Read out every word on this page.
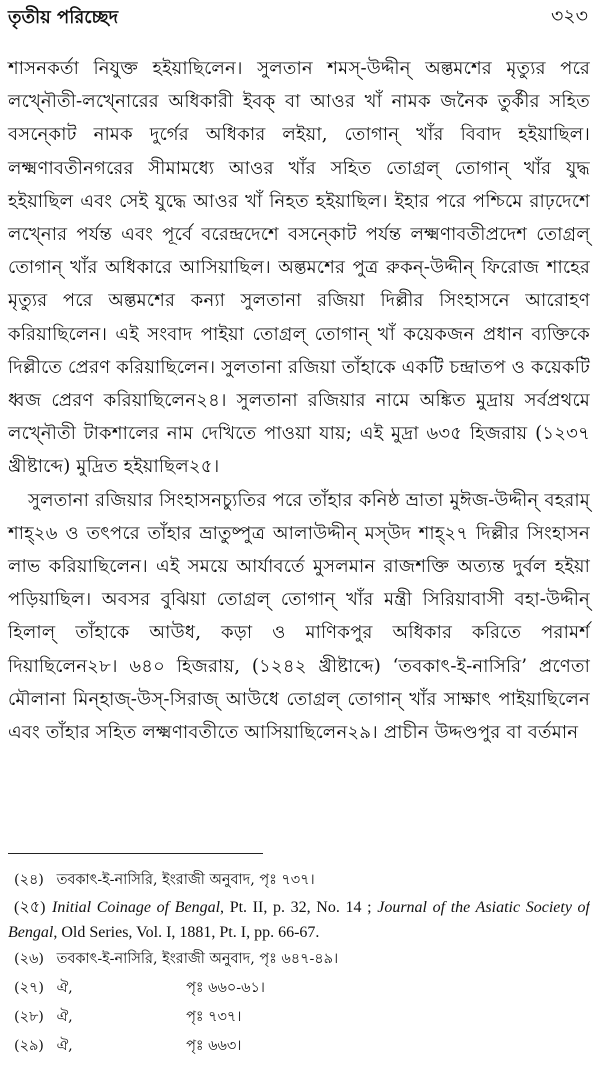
তৃতীয় পরিচ্ছেদ	৩২৩

শাসনকর্তা নিযুক্ত হইয়াছিলেন। সুলতান শমস্-উদ্দীন্ অল্তমশের মৃত্যুর পরে লখ্নৌতী-লখ্নোরের অধিকারী ইবক্ বা আওর খাঁ নামক জনৈক তুর্কীর সহিত বসন্কোট নামক দুর্গের অধিকার লইয়া, তোগান্ খাঁর বিবাদ হইয়াছিল। লক্ষ্মণাবতীনগরের সীমামধ্যে আওর খাঁর সহিত তোগ্রল্ তোগান্ খাঁর যুদ্ধ হইয়াছিল এবং সেই যুদ্ধে আওর খাঁ নিহত হইয়াছিল। ইহার পরে পশ্চিমে রাঢ়দেশে লখ্নোর পর্যন্ত এবং পূর্বে বরেন্দ্রদেশে বসন্কোট পর্যন্ত লক্ষ্মণাবতীপ্রদেশ তোগ্রল্ তোগান্ খাঁর অধিকারে আসিয়াছিল। অল্তমশের পুত্র রুকন্-উদ্দীন্ ফিরোজ শাহের মৃত্যুর পরে অল্তমশের কন্যা সুলতানা রজিয়া দিল্লীর সিংহাসনে আরোহণ করিয়াছিলেন। এই সংবাদ পাইয়া তোগ্রল্ তোগান্ খাঁ কয়েকজন প্রধান ব্যক্তিকে দিল্লীতে প্রেরণ করিয়াছিলেন। সুলতানা রজিয়া তাঁহাকে একটি চন্দ্রাতপ ও কয়েকটি ধ্বজ প্রেরণ করিয়াছিলেন২৪। সুলতানা রজিয়ার নামে অঙ্কিত মুদ্রায় সর্বপ্রথমে লখ্নৌতী টাকশালের নাম দেখিতে পাওয়া যায়; এই মুদ্রা ৬৩৫ হিজরায় (১২৩৭ খ্রীষ্টাব্দে) মুদ্রিত হইয়াছিল২৫।

সুলতানা রজিয়ার সিংহাসনচ্যুতির পরে তাঁহার কনিষ্ঠ ভ্রাতা মুঈজ-উদ্দীন্ বহরাম্ শাহ্২৬ ও তৎপরে তাঁহার ভ্রাতুষ্পুত্র আলাউদ্দীন্ মস্উদ শাহ্২৭ দিল্লীর সিংহাসন লাভ করিয়াছিলেন। এই সময়ে আর্যাবর্তে মুসলমান রাজশক্তি অত্যন্ত দুর্বল হইয়া পড়িয়াছিল। অবসর বুঝিয়া তোগ্রল্ তোগান্ খাঁর মন্ত্রী সিরিয়াবাসী বহা-উদ্দীন্ হিলাল্ তাঁহাকে আউধ, কড়া ও মাণিকপুর অধিকার করিতে পরামর্শ দিয়াছিলেন২৮। ৬৪০ হিজরায়, (১২৪২ খ্রীষ্টাব্দে) ‘তবকাৎ-ই-নাসিরি’ প্রণেতা মৌলানা মিন্হাজ্-উস্-সিরাজ্ আউধে তোগ্রল্ তোগান্ খাঁর সাক্ষাৎ পাইয়াছিলেন এবং তাঁহার সহিত লক্ষ্মণাবতীতে আসিয়াছিলেন২৯। প্রাচীন উদ্দণ্ডপুর বা বর্তমান

(২৪) তবকাৎ-ই-নাসিরি, ইংরাজী অনুবাদ, পৃঃ ৭৩৭।
(২৫) Initial Coinage of Bengal, Pt. II, p. 32, No. 14 ; Journal of the Asiatic Society of Bengal, Old Series, Vol. I, 1881, Pt. I, pp. 66-67.
(২৬) তবকাৎ-ই-নাসিরি, ইংরাজী অনুবাদ, পৃঃ ৬৪৭-৪৯।
(২৭) ঐ,	পৃঃ ৬৬০-৬১।
(২৮) ঐ,	পৃঃ ৭৩৭।
(২৯) ঐ,	পৃঃ ৬৬৩।
